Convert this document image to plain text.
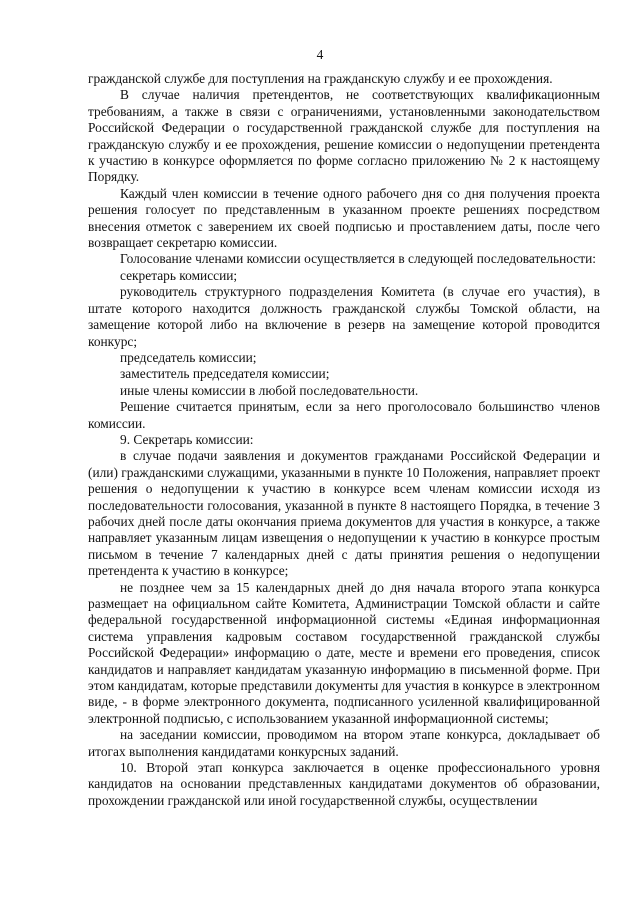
4

гражданской службе для поступления на гражданскую службу и ее прохождения.

В случае наличия претендентов, не соответствующих квалификационным требованиям, а также в связи с ограничениями, установленными законодательством Российской Федерации о государственной гражданской службе для поступления на гражданскую службу и ее прохождения, решение комиссии о недопущении претендента к участию в конкурсе оформляется по форме согласно приложению № 2 к настоящему Порядку.

Каждый член комиссии в течение одного рабочего дня со дня получения проекта решения голосует по представленным в указанном проекте решениях посредством внесения отметок с заверением их своей подписью и проставлением даты, после чего возвращает секретарю комиссии.

Голосование членами комиссии осуществляется в следующей последовательности:

секретарь комиссии;

руководитель структурного подразделения Комитета (в случае его участия), в штате которого находится должность гражданской службы Томской области, на замещение которой либо на включение в резерв на замещение которой проводится конкурс;

председатель комиссии;

заместитель председателя комиссии;

иные члены комиссии в любой последовательности.

Решение считается принятым, если за него проголосовало большинство членов комиссии.

9. Секретарь комиссии:

в случае подачи заявления и документов гражданами Российской Федерации и (или) гражданскими служащими, указанными в пункте 10 Положения, направляет проект решения о недопущении к участию в конкурсе всем членам комиссии исходя из последовательности голосования, указанной в пункте 8 настоящего Порядка, в течение 3 рабочих дней после даты окончания приема документов для участия в конкурсе, а также направляет указанным лицам извещения о недопущении к участию в конкурсе простым письмом в течение 7 календарных дней с даты принятия решения о недопущении претендента к участию в конкурсе;

не позднее чем за 15 календарных дней до дня начала второго этапа конкурса размещает на официальном сайте Комитета, Администрации Томской области и сайте федеральной государственной информационной системы «Единая информационная система управления кадровым составом государственной гражданской службы Российской Федерации» информацию о дате, месте и времени его проведения, список кандидатов и направляет кандидатам указанную информацию в письменной форме. При этом кандидатам, которые представили документы для участия в конкурсе в электронном виде, - в форме электронного документа, подписанного усиленной квалифицированной электронной подписью, с использованием указанной информационной системы;

на заседании комиссии, проводимом на втором этапе конкурса, докладывает об итогах выполнения кандидатами конкурсных заданий.

10. Второй этап конкурса заключается в оценке профессионального уровня кандидатов на основании представленных кандидатами документов об образовании, прохождении гражданской или иной государственной службы, осуществлении
